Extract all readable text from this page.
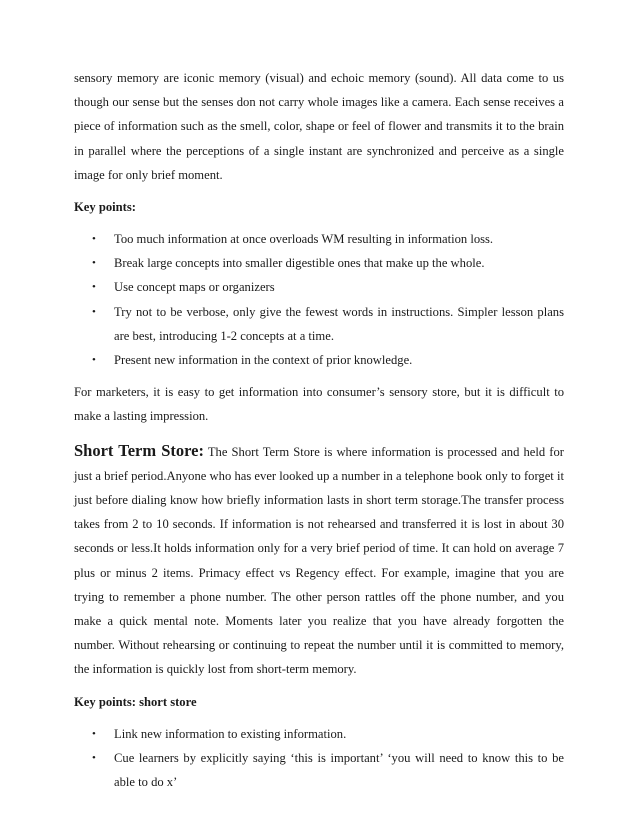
sensory memory are iconic memory (visual) and echoic memory (sound). All data come to us though our sense but the senses don not carry whole images like a camera. Each sense receives a piece of information such as the smell, color, shape or feel of flower and transmits it to the brain in parallel where the perceptions of a single instant are synchronized and perceive as a single image for only brief moment.

Key points:
• Too much information at once overloads WM resulting in information loss.
• Break large concepts into smaller digestible ones that make up the whole.
• Use concept maps or organizers
• Try not to be verbose, only give the fewest words in instructions. Simpler lesson plans are best, introducing 1-2 concepts at a time.
• Present new information in the context of prior knowledge.

For marketers, it is easy to get information into consumer’s sensory store, but it is difficult to make a lasting impression.

Short Term Store: The Short Term Store is where information is processed and held for just a brief period.Anyone who has ever looked up a number in a telephone book only to forget it just before dialing know how briefly information lasts in short term storage.The transfer process takes from 2 to 10 seconds. If information is not rehearsed and transferred it is lost in about 30 seconds or less.It holds information only for a very brief period of time. It can hold on average 7 plus or minus 2 items. Primacy effect vs Regency effect. For example, imagine that you are trying to remember a phone number. The other person rattles off the phone number, and you make a quick mental note. Moments later you realize that you have already forgotten the number. Without rehearsing or continuing to repeat the number until it is committed to memory, the information is quickly lost from short-term memory.

Key points: short store
• Link new information to existing information.
• Cue learners by explicitly saying ‘this is important’ ‘you will need to know this to be able to do x’
